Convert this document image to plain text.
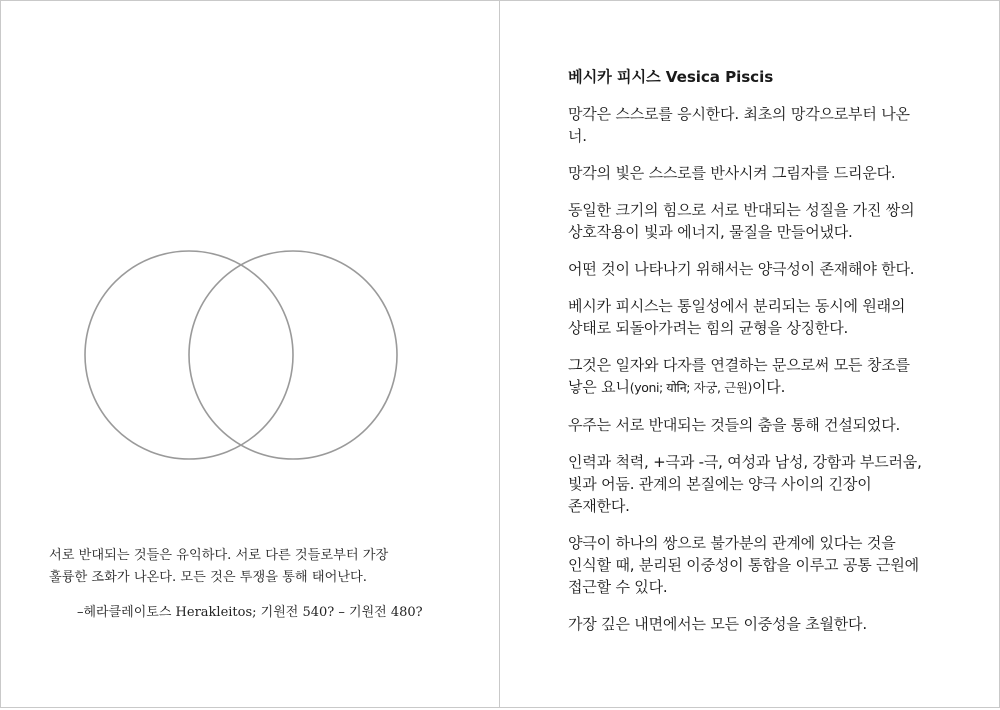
서로 반대되는 것들은 유익하다. 서로 다른 것들로부터 가장
훌륭한 조화가 나온다. 모든 것은 투쟁을 통해 태어난다.
–헤라클레이토스 Herakleitos; 기원전 540? – 기원전 480?

베시카 피시스 Vesica Piscis

망각은 스스로를 응시한다. 최초의 망각으로부터 나온
너.

망각의 빛은 스스로를 반사시켜 그림자를 드리운다.

동일한 크기의 힘으로 서로 반대되는 성질을 가진 쌍의
상호작용이 빛과 에너지, 물질을 만들어냈다.

어떤 것이 나타나기 위해서는 양극성이 존재해야 한다.

베시카 피시스는 통일성에서 분리되는 동시에 원래의
상태로 되돌아가려는 힘의 균형을 상징한다.

그것은 일자와 다자를 연결하는 문으로써 모든 창조를
낳은 요니(yoni; योनि; 자궁, 근원)이다.

우주는 서로 반대되는 것들의 춤을 통해 건설되었다.

인력과 척력, +극과 -극, 여성과 남성, 강함과 부드러움,
빛과 어둠. 관계의 본질에는 양극 사이의 긴장이
존재한다.

양극이 하나의 쌍으로 불가분의 관계에 있다는 것을
인식할 때, 분리된 이중성이 통합을 이루고 공통 근원에
접근할 수 있다.

가장 깊은 내면에서는 모든 이중성을 초월한다.
